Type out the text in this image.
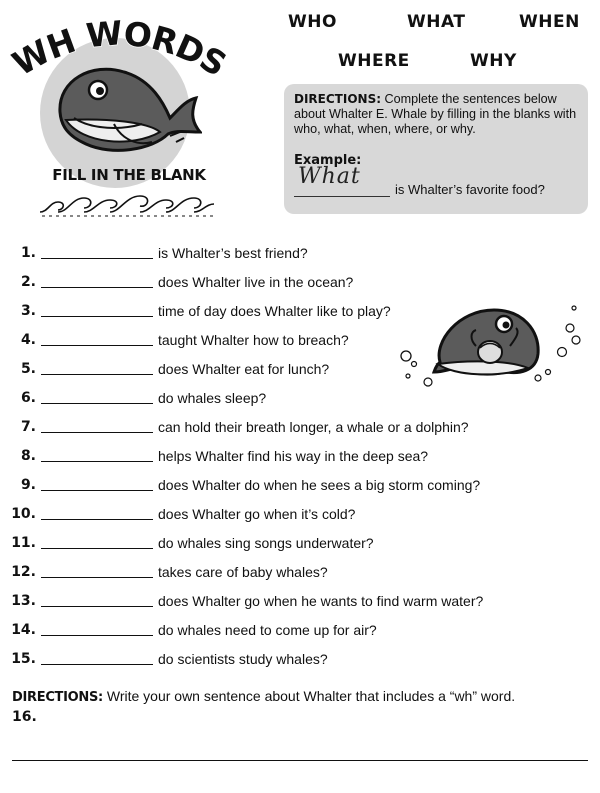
WH WORDS
FILL IN THE BLANK
WHO	WHAT	WHEN
WHERE	WHY
DIRECTIONS: Complete the sentences below about Whalter E. Whale by filling in the blanks with who, what, when, where, or why.
Example:
What
is Whalter’s favorite food?
1.	is Whalter’s best friend?
2.	does Whalter live in the ocean?
3.	time of day does Whalter like to play?
4.	taught Whalter how to breach?
5.	does Whalter eat for lunch?
6.	do whales sleep?
7.	can hold their breath longer, a whale or a dolphin?
8.	helps Whalter find his way in the deep sea?
9.	does Whalter do when he sees a big storm coming?
10.	does Whalter go when it’s cold?
11.	do whales sing songs underwater?
12.	takes care of baby whales?
13.	does Whalter go when he wants to find warm water?
14.	do whales need to come up for air?
15.	do scientists study whales?
DIRECTIONS: Write your own sentence about Whalter that includes a “wh” word.
16.
